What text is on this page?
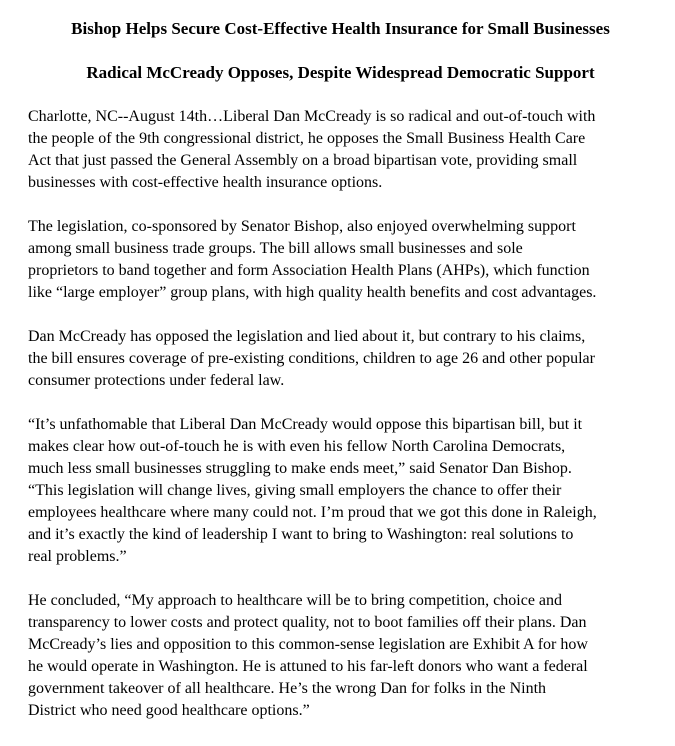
Bishop Helps Secure Cost-Effective Health Insurance for Small Businesses
Radical McCready Opposes, Despite Widespread Democratic Support

Charlotte, NC--August 14th…Liberal Dan McCready is so radical and out-of-touch with
the people of the 9th congressional district, he opposes the Small Business Health Care
Act that just passed the General Assembly on a broad bipartisan vote, providing small
businesses with cost-effective health insurance options.

The legislation, co-sponsored by Senator Bishop, also enjoyed overwhelming support
among small business trade groups. The bill allows small businesses and sole
proprietors to band together and form Association Health Plans (AHPs), which function
like “large employer” group plans, with high quality health benefits and cost advantages.

Dan McCready has opposed the legislation and lied about it, but contrary to his claims,
the bill ensures coverage of pre-existing conditions, children to age 26 and other popular
consumer protections under federal law.

“It’s unfathomable that Liberal Dan McCready would oppose this bipartisan bill, but it
makes clear how out-of-touch he is with even his fellow North Carolina Democrats,
much less small businesses struggling to make ends meet,” said Senator Dan Bishop.
“This legislation will change lives, giving small employers the chance to offer their
employees healthcare where many could not. I’m proud that we got this done in Raleigh,
and it’s exactly the kind of leadership I want to bring to Washington: real solutions to
real problems.”

He concluded, “My approach to healthcare will be to bring competition, choice and
transparency to lower costs and protect quality, not to boot families off their plans. Dan
McCready’s lies and opposition to this common-sense legislation are Exhibit A for how
he would operate in Washington. He is attuned to his far-left donors who want a federal
government takeover of all healthcare. He’s the wrong Dan for folks in the Ninth
District who need good healthcare options.”
